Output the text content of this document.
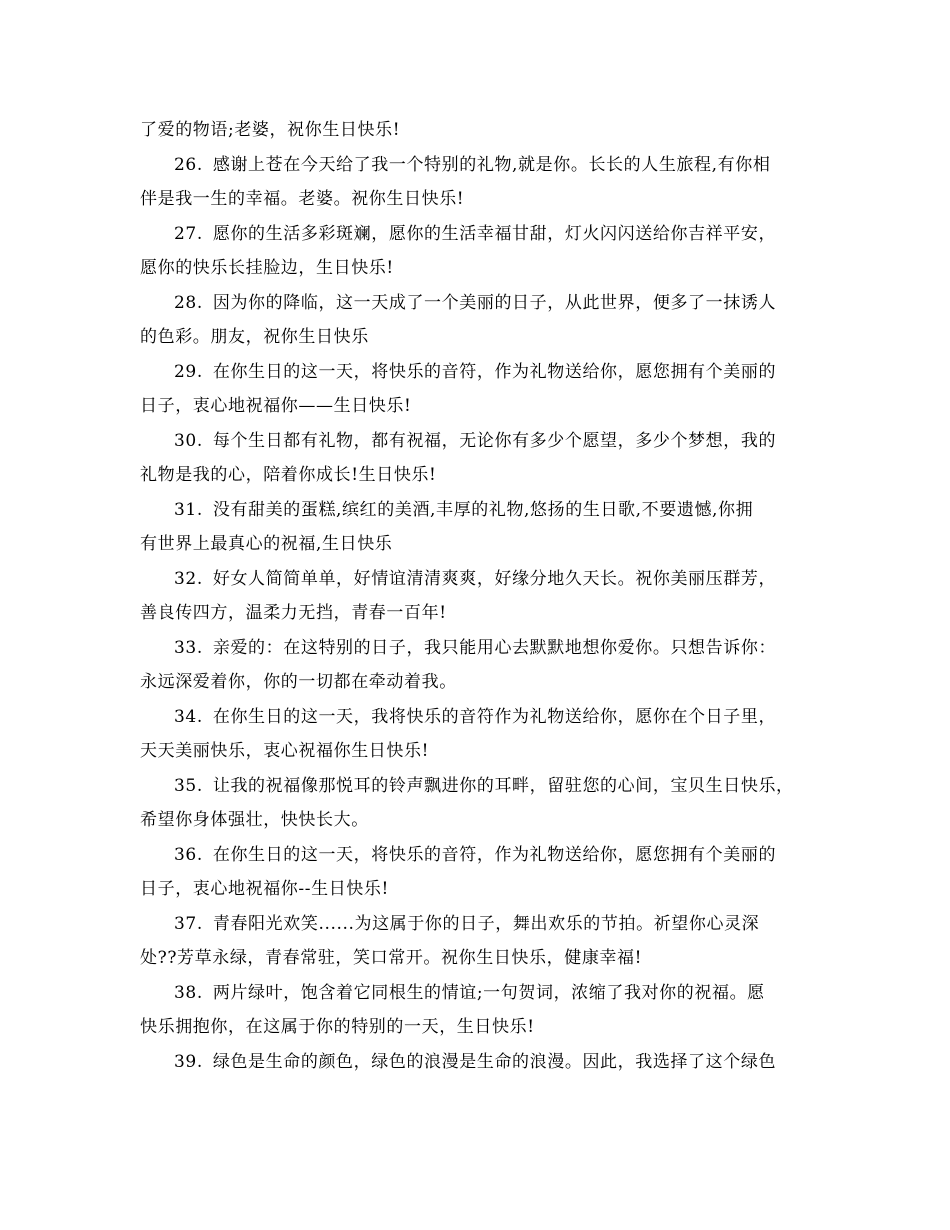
了爱的物语;老婆，祝你生日快乐!
26. 感谢上苍在今天给了我一个特别的礼物,就是你。长长的人生旅程,有你相
伴是我一生的幸福。老婆。祝你生日快乐!
27. 愿你的生活多彩斑斓，愿你的生活幸福甘甜，灯火闪闪送给你吉祥平安，
愿你的快乐长挂脸边，生日快乐!
28. 因为你的降临，这一天成了一个美丽的日子，从此世界，便多了一抹诱人
的色彩。朋友，祝你生日快乐
29. 在你生日的这一天，将快乐的音符，作为礼物送给你，愿您拥有个美丽的
日子，衷心地祝福你——生日快乐!
30. 每个生日都有礼物，都有祝福，无论你有多少个愿望，多少个梦想，我的
礼物是我的心，陪着你成长!生日快乐!
31. 没有甜美的蛋糕,缤红的美酒,丰厚的礼物,悠扬的生日歌,不要遗憾,你拥
有世界上最真心的祝福,生日快乐
32. 好女人简简单单，好情谊清清爽爽，好缘分地久天长。祝你美丽压群芳，
善良传四方，温柔力无挡，青春一百年!
33. 亲爱的：在这特别的日子，我只能用心去默默地想你爱你。只想告诉你：
永远深爱着你，你的一切都在牵动着我。
34. 在你生日的这一天，我将快乐的音符作为礼物送给你，愿你在个日子里，
天天美丽快乐，衷心祝福你生日快乐!
35. 让我的祝福像那悦耳的铃声飘进你的耳畔，留驻您的心间，宝贝生日快乐，
希望你身体强壮，快快长大。
36. 在你生日的这一天，将快乐的音符，作为礼物送给你，愿您拥有个美丽的
日子，衷心地祝福你--生日快乐!
37. 青春阳光欢笑......为这属于你的日子，舞出欢乐的节拍。祈望你心灵深
处??芳草永绿，青春常驻，笑口常开。祝你生日快乐，健康幸福!
38. 两片绿叶，饱含着它同根生的情谊;一句贺词，浓缩了我对你的祝福。愿
快乐拥抱你，在这属于你的特别的一天，生日快乐!
39. 绿色是生命的颜色，绿色的浪漫是生命的浪漫。因此，我选择了这个绿色
